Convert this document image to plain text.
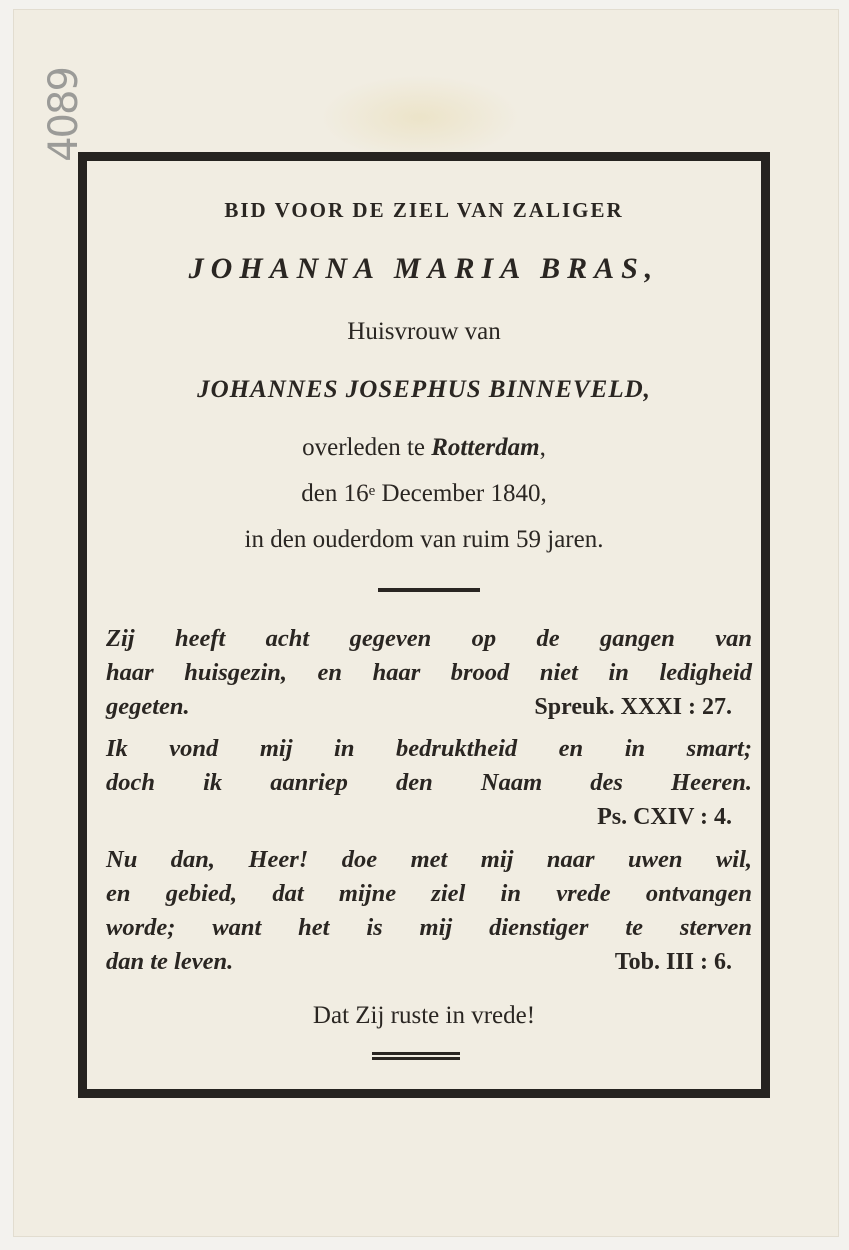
4089
BID VOOR DE ZIEL VAN ZALIGER
JOHANNA MARIA BRAS,
Huisvrouw van
JOHANNES JOSEPHUS BINNEVELD,
overleden te Rotterdam,
den 16e December 1840,
in den ouderdom van ruim 59 jaren.
Zij heeft acht gegeven op de gangen van
haar huisgezin, en haar brood niet in ledigheid
gegeten.	Spreuk. XXXI : 27.
Ik vond mij in bedruktheid en in smart;
doch ik aanriep den Naam des Heeren.
Ps. CXIV : 4.
Nu dan, Heer! doe met mij naar uwen wil,
en gebied, dat mijne ziel in vrede ontvangen
worde; want het is mij dienstiger te sterven
dan te leven.	Tob. III : 6.
Dat Zij ruste in vrede!
